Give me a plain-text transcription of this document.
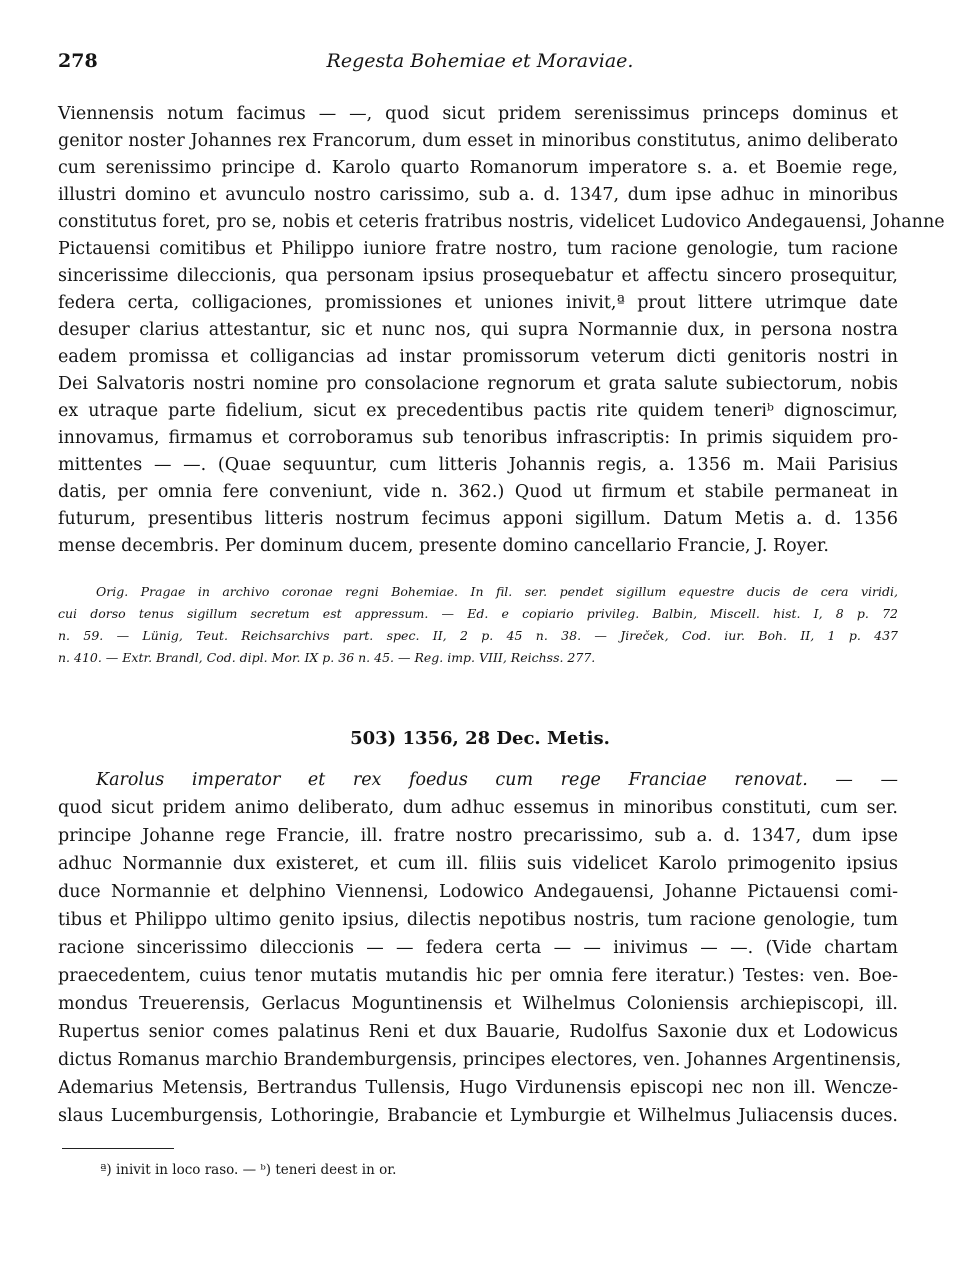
278	Regesta Bohemiae et Moraviae.
Viennensis notum facimus — —, quod sicut pridem serenissimus princeps dominus et
genitor noster Johannes rex Francorum, dum esset in minoribus constitutus, animo deliberato
cum serenissimo principe d. Karolo quarto Romanorum imperatore s. a. et Boemie rege,
illustri domino et avunculo nostro carissimo, sub a. d. 1347, dum ipse adhuc in minoribus
constitutus foret, pro se, nobis et ceteris fratribus nostris, videlicet Ludovico Andegauensi, Johanne
Pictauensi comitibus et Philippo iuniore fratre nostro, tum racione genologie, tum racione
sincerissime dileccionis, qua personam ipsius prosequebatur et affectu sincero prosequitur,
federa certa, colligaciones, promissiones et uniones inivit,ª prout littere utrimque date
desuper clarius attestantur, sic et nunc nos, qui supra Normannie dux, in persona nostra
eadem promissa et colligancias ad instar promissorum veterum dicti genitoris nostri in
Dei Salvatoris nostri nomine pro consolacione regnorum et grata salute subiectorum, nobis
ex utraque parte fidelium, sicut ex precedentibus pactis rite quidem teneriᵇ dignoscimur,
innovamus, firmamus et corroboramus sub tenoribus infrascriptis: In primis siquidem pro-
mittentes — —. (Quae sequuntur, cum litteris Johannis regis, a. 1356 m. Maii Parisius
datis, per omnia fere conveniunt, vide n. 362.) Quod ut firmum et stabile permaneat in
futurum, presentibus litteris nostrum fecimus apponi sigillum. Datum Metis a. d. 1356
mense decembris. Per dominum ducem, presente domino cancellario Francie, J. Royer.
Orig. Pragae in archivo coronae regni Bohemiae. In fil. ser. pendet sigillum equestre ducis de cera viridi,
cui dorso tenus sigillum secretum est appressum. — Ed. e copiario privileg. Balbin, Miscell. hist. I, 8 p. 72
n. 59. — Lünig, Teut. Reichsarchivs part. spec. II, 2 p. 45 n. 38. — Jireček, Cod. iur. Boh. II, 1 p. 437
n. 410. — Extr. Brandl, Cod. dipl. Mor. IX p. 36 n. 45. — Reg. imp. VIII, Reichss. 277.
503) 1356, 28 Dec. Metis.
Karolus imperator et rex foedus cum rege Franciae renovat. — —
quod sicut pridem animo deliberato, dum adhuc essemus in minoribus constituti, cum ser.
principe Johanne rege Francie, ill. fratre nostro precarissimo, sub a. d. 1347, dum ipse
adhuc Normannie dux existeret, et cum ill. filiis suis videlicet Karolo primogenito ipsius
duce Normannie et delphino Viennensi, Lodowico Andegauensi, Johanne Pictauensi comi-
tibus et Philippo ultimo genito ipsius, dilectis nepotibus nostris, tum racione genologie, tum
racione sincerissimo dileccionis — — federa certa — — inivimus — —. (Vide chartam
praecedentem, cuius tenor mutatis mutandis hic per omnia fere iteratur.) Testes: ven. Boe-
mondus Treuerensis, Gerlacus Moguntinensis et Wilhelmus Coloniensis archiepiscopi, ill.
Rupertus senior comes palatinus Reni et dux Bauarie, Rudolfus Saxonie dux et Lodowicus
dictus Romanus marchio Brandemburgensis, principes electores, ven. Johannes Argentinensis,
Ademarius Metensis, Bertrandus Tullensis, Hugo Virdunensis episcopi nec non ill. Wencze-
slaus Lucemburgensis, Lothoringie, Brabancie et Lymburgie et Wilhelmus Juliacensis duces.
ª) inivit in loco raso. — ᵇ) teneri deest in or.
